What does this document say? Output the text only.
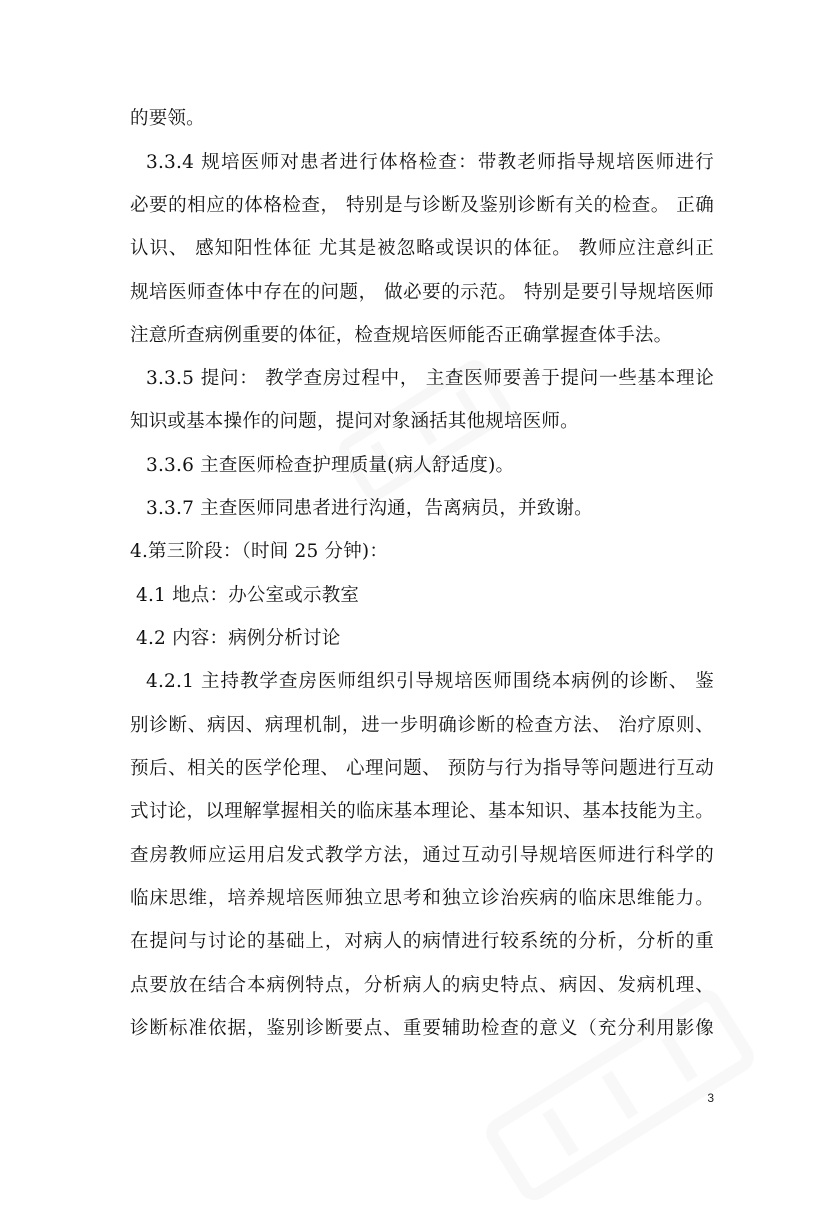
的要领。
3.3.4 规培医师对患者进行体格检查：带教老师指导规培医师进行
必要的相应的体格检查， 特别是与诊断及鉴别诊断有关的检查。 正确
认识、 感知阳性体征 尤其是被忽略或误识的体征。 教师应注意纠正
规培医师查体中存在的问题， 做必要的示范。 特别是要引导规培医师
注意所查病例重要的体征，检查规培医师能否正确掌握查体手法。
3.3.5 提问： 教学查房过程中， 主查医师要善于提问一些基本理论
知识或基本操作的问题，提问对象涵括其他规培医师。
3.3.6 主查医师检查护理质量(病人舒适度)。
3.3.7 主查医师同患者进行沟通，告离病员，并致谢。
4.第三阶段：（时间 25 分钟)：
4.1 地点：办公室或示教室
4.2 内容：病例分析讨论
4.2.1 主持教学查房医师组织引导规培医师围绕本病例的诊断、 鉴
别诊断、病因、病理机制，进一步明确诊断的检查方法、 治疗原则、
预后、相关的医学伦理、 心理问题、 预防与行为指导等问题进行互动
式讨论，以理解掌握相关的临床基本理论、基本知识、基本技能为主。
查房教师应运用启发式教学方法，通过互动引导规培医师进行科学的
临床思维，培养规培医师独立思考和独立诊治疾病的临床思维能力。
在提问与讨论的基础上，对病人的病情进行较系统的分析，分析的重
点要放在结合本病例特点，分析病人的病史特点、病因、发病机理、
诊断标准依据，鉴别诊断要点、重要辅助检查的意义（充分利用影像
3
